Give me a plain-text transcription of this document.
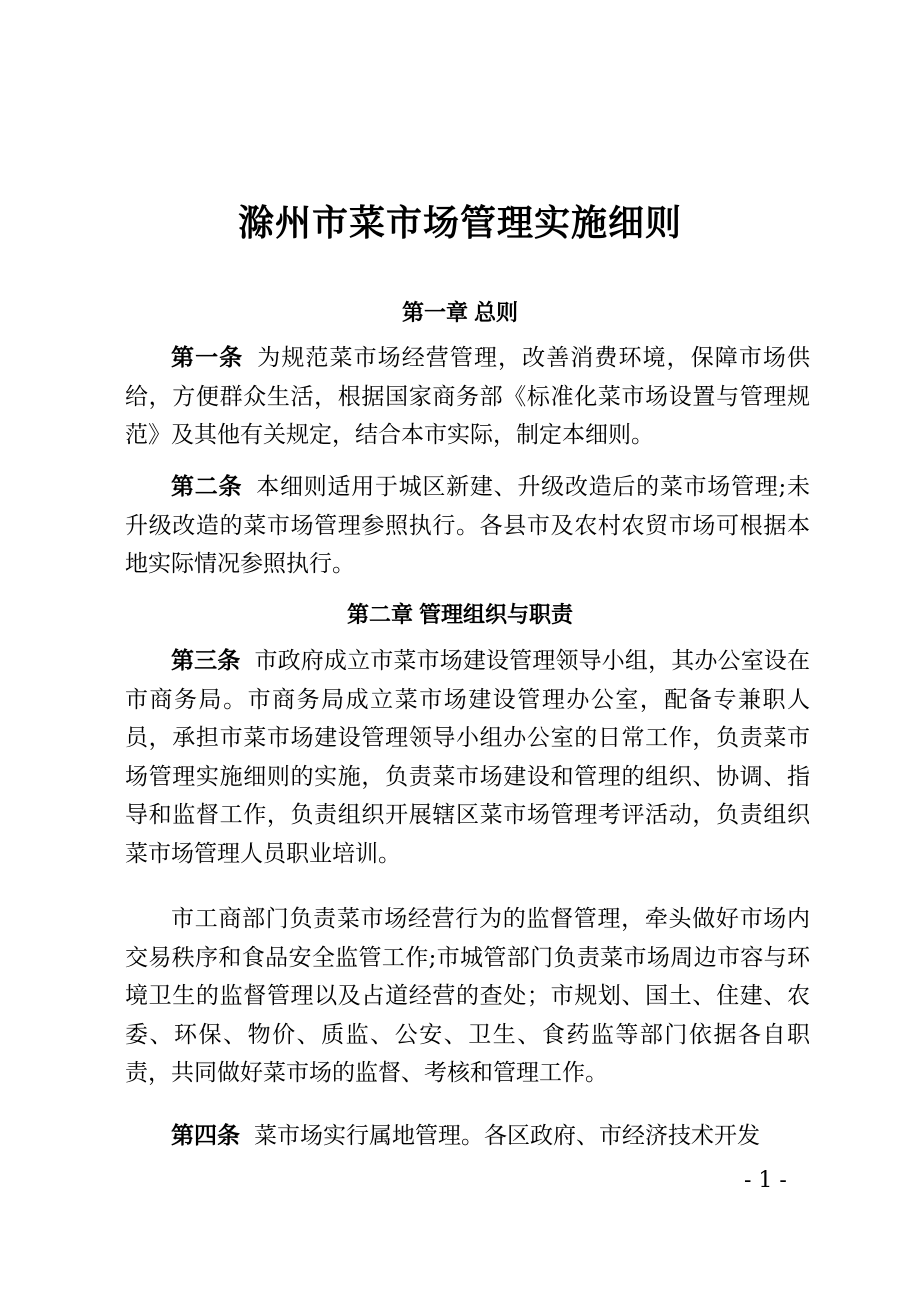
滁州市菜市场管理实施细则
第一章 总则

第一条 为规范菜市场经营管理，改善消费环境，保障市场供给，方便群众生活，根据国家商务部《标准化菜市场设置与管理规范》及其他有关规定，结合本市实际，制定本细则。

第二条 本细则适用于城区新建、升级改造后的菜市场管理;未升级改造的菜市场管理参照执行。各县市及农村农贸市场可根据本地实际情况参照执行。

第二章 管理组织与职责

第三条 市政府成立市菜市场建设管理领导小组，其办公室设在市商务局。市商务局成立菜市场建设管理办公室，配备专兼职人员，承担市菜市场建设管理领导小组办公室的日常工作，负责菜市场管理实施细则的实施，负责菜市场建设和管理的组织、协调、指导和监督工作，负责组织开展辖区菜市场管理考评活动，负责组织菜市场管理人员职业培训。

市工商部门负责菜市场经营行为的监督管理，牵头做好市场内交易秩序和食品安全监管工作;市城管部门负责菜市场周边市容与环境卫生的监督管理以及占道经营的查处；市规划、国土、住建、农委、环保、物价、质监、公安、卫生、食药监等部门依据各自职责，共同做好菜市场的监督、考核和管理工作。

第四条 菜市场实行属地管理。各区政府、市经济技术开发

- 1 -
